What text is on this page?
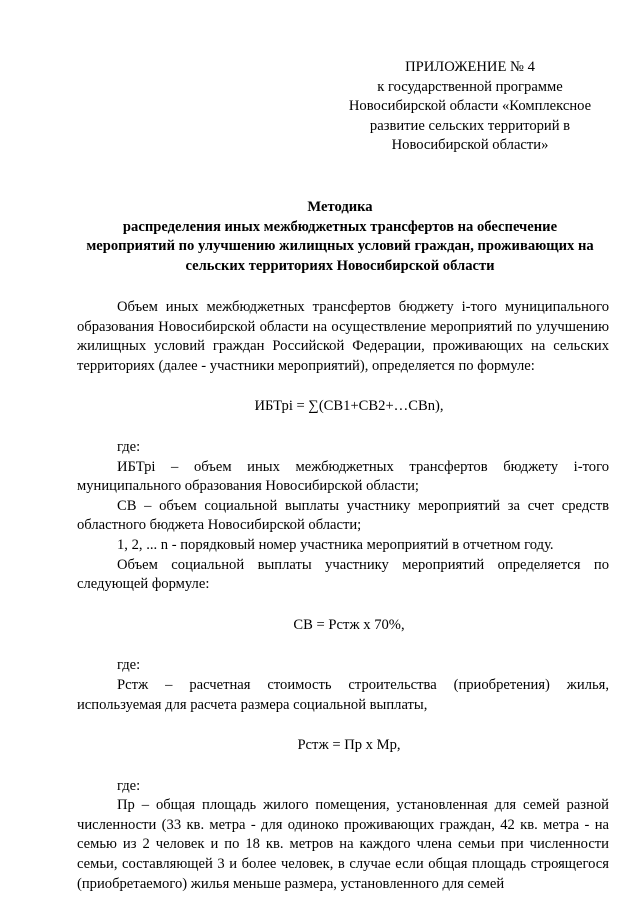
ПРИЛОЖЕНИЕ № 4
к государственной программе
Новосибирской области «Комплексное
развитие сельских территорий в
Новосибирской области»
Методика
распределения иных межбюджетных трансфертов на обеспечение
мероприятий по улучшению жилищных условий граждан, проживающих на
сельских территориях Новосибирской области

Объем иных межбюджетных трансфертов бюджету i-того муниципального образования Новосибирской области на осуществление мероприятий по улучшению жилищных условий граждан Российской Федерации, проживающих на сельских территориях (далее - участники мероприятий), определяется по формуле:

ИБТрi = ∑(СВ1+СВ2+…СВn),

где:

ИБТрi – объем иных межбюджетных трансфертов бюджету i-того муниципального образования Новосибирской области;

СВ – объем социальной выплаты участнику мероприятий за счет средств областного бюджета Новосибирской области;

1, 2, ... n - порядковый номер участника мероприятий в отчетном году.

Объем социальной выплаты участнику мероприятий определяется по следующей формуле:

СВ = Рстж х 70%,

где:

Рстж – расчетная стоимость строительства (приобретения) жилья, используемая для расчета размера социальной выплаты,

Рстж = Пр х Мр,

где:

Пр – общая площадь жилого помещения, установленная для семей разной численности (33 кв. метра - для одиноко проживающих граждан, 42 кв. метра - на семью из 2 человек и по 18 кв. метров на каждого члена семьи при численности семьи, составляющей 3 и более человек, в случае если общая площадь строящегося (приобретаемого) жилья меньше размера, установленного для семей
